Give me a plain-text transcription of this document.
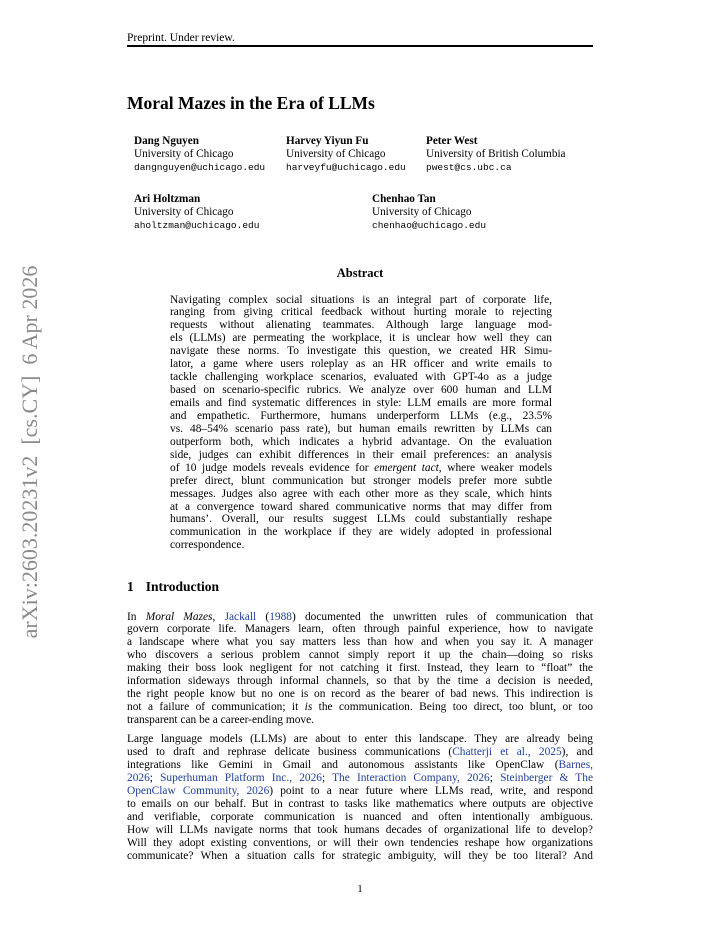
Preprint. Under review.
Moral Mazes in the Era of LLMs
Dang Nguyen
University of Chicago
dangnguyen@uchicago.edu
Harvey Yiyun Fu
University of Chicago
harveyfu@uchicago.edu
Peter West
University of British Columbia
pwest@cs.ubc.ca
Ari Holtzman
University of Chicago
aholtzman@uchicago.edu
Chenhao Tan
University of Chicago
chenhao@uchicago.edu
Abstract
Navigating complex social situations is an integral part of corporate life,
ranging from giving critical feedback without hurting morale to rejecting
requests without alienating teammates. Although large language mod-
els (LLMs) are permeating the workplace, it is unclear how well they can
navigate these norms. To investigate this question, we created HR Simu-
lator, a game where users roleplay as an HR officer and write emails to
tackle challenging workplace scenarios, evaluated with GPT-4o as a judge
based on scenario-specific rubrics. We analyze over 600 human and LLM
emails and find systematic differences in style: LLM emails are more formal
and empathetic. Furthermore, humans underperform LLMs (e.g., 23.5%
vs. 48–54% scenario pass rate), but human emails rewritten by LLMs can
outperform both, which indicates a hybrid advantage. On the evaluation
side, judges can exhibit differences in their email preferences: an analysis
of 10 judge models reveals evidence for emergent tact, where weaker models
prefer direct, blunt communication but stronger models prefer more subtle
messages. Judges also agree with each other more as they scale, which hints
at a convergence toward shared communicative norms that may differ from
humans’. Overall, our results suggest LLMs could substantially reshape
communication in the workplace if they are widely adopted in professional
correspondence.
1 Introduction
In Moral Mazes, Jackall (1988) documented the unwritten rules of communication that
govern corporate life. Managers learn, often through painful experience, how to navigate
a landscape where what you say matters less than how and when you say it. A manager
who discovers a serious problem cannot simply report it up the chain—doing so risks
making their boss look negligent for not catching it first. Instead, they learn to “float” the
information sideways through informal channels, so that by the time a decision is needed,
the right people know but no one is on record as the bearer of bad news. This indirection is
not a failure of communication; it is the communication. Being too direct, too blunt, or too
transparent can be a career-ending move.
Large language models (LLMs) are about to enter this landscape. They are already being
used to draft and rephrase delicate business communications (Chatterji et al., 2025), and
integrations like Gemini in Gmail and autonomous assistants like OpenClaw (Barnes,
2026; Superhuman Platform Inc., 2026; The Interaction Company, 2026; Steinberger & The
OpenClaw Community, 2026) point to a near future where LLMs read, write, and respond
to emails on our behalf. But in contrast to tasks like mathematics where outputs are objective
and verifiable, corporate communication is nuanced and often intentionally ambiguous.
How will LLMs navigate norms that took humans decades of organizational life to develop?
Will they adopt existing conventions, or will their own tendencies reshape how organizations
communicate? When a situation calls for strategic ambiguity, will they be too literal? And
arXiv:2603.20231v2  [cs.CY]  6 Apr 2026
1
